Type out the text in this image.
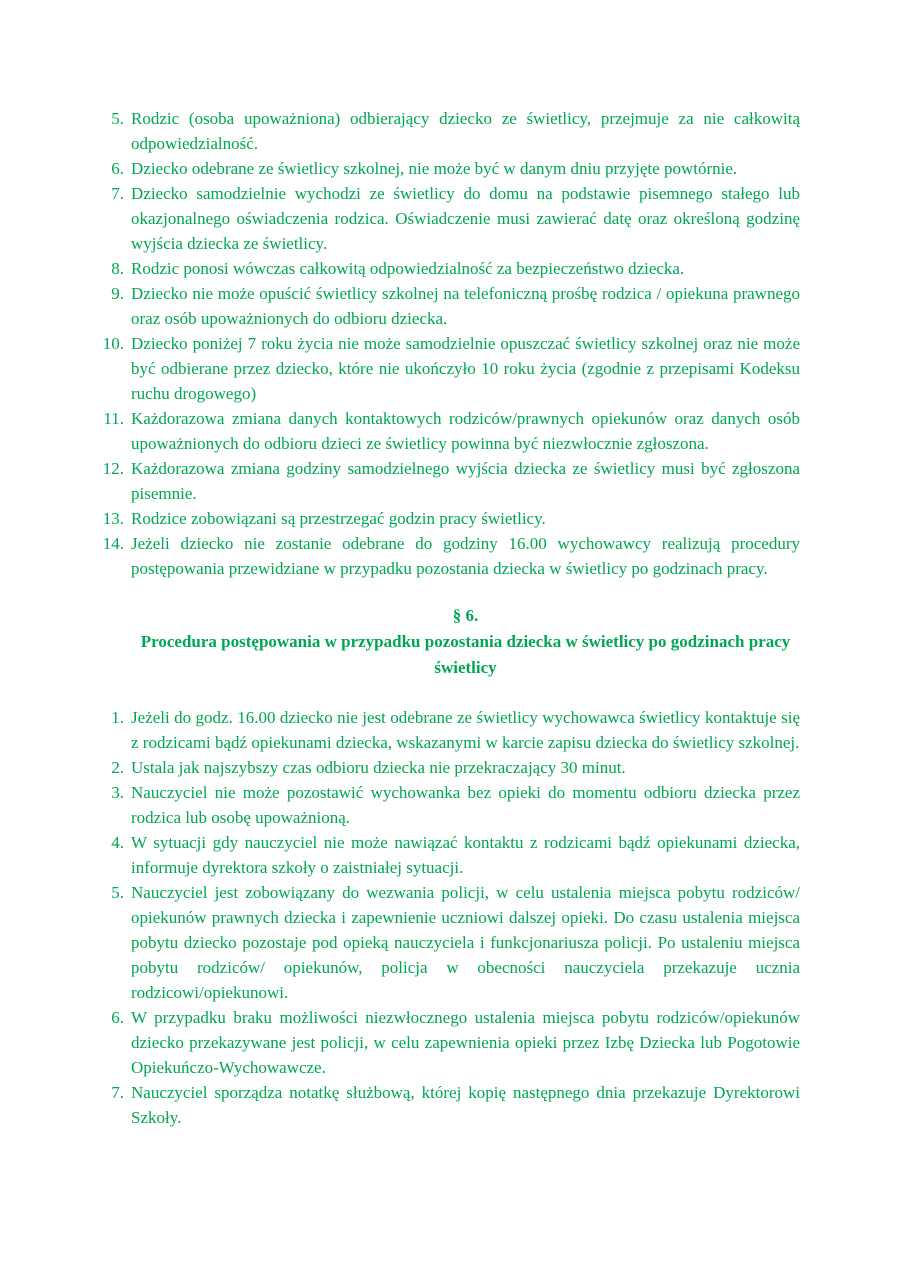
5. Rodzic (osoba upoważniona) odbierający dziecko ze świetlicy, przejmuje za nie całkowitą odpowiedzialność.
6. Dziecko odebrane ze świetlicy szkolnej, nie może być w danym dniu przyjęte powtórnie.
7. Dziecko samodzielnie wychodzi ze świetlicy do domu na podstawie pisemnego stałego lub okazjonalnego oświadczenia rodzica. Oświadczenie musi zawierać datę oraz określoną godzinę wyjścia dziecka ze świetlicy.
8. Rodzic ponosi wówczas całkowitą odpowiedzialność za bezpieczeństwo dziecka.
9. Dziecko nie może opuścić świetlicy szkolnej na telefoniczną prośbę rodzica / opiekuna prawnego oraz osób upoważnionych do odbioru dziecka.
10. Dziecko poniżej 7 roku życia nie może samodzielnie opuszczać świetlicy szkolnej oraz nie może być odbierane przez dziecko, które nie ukończyło 10 roku życia (zgodnie z przepisami Kodeksu ruchu drogowego)
11. Każdorazowa zmiana danych kontaktowych rodziców/prawnych opiekunów oraz danych osób upoważnionych do odbioru dzieci ze świetlicy powinna być niezwłocznie zgłoszona.
12. Każdorazowa zmiana godziny samodzielnego wyjścia dziecka ze świetlicy musi być zgłoszona pisemnie.
13. Rodzice zobowiązani są przestrzegać godzin pracy świetlicy.
14. Jeżeli dziecko nie zostanie odebrane do godziny 16.00 wychowawcy realizują procedury postępowania przewidziane w przypadku pozostania dziecka w świetlicy po godzinach pracy.
§ 6.
Procedura postępowania w przypadku pozostania dziecka w świetlicy po godzinach pracy świetlicy
1. Jeżeli do godz. 16.00 dziecko nie jest odebrane ze świetlicy wychowawca świetlicy kontaktuje się z rodzicami bądź opiekunami dziecka, wskazanymi w karcie zapisu dziecka do świetlicy szkolnej.
2. Ustala jak najszybszy czas odbioru dziecka nie przekraczający 30 minut.
3. Nauczyciel nie może pozostawić wychowanka bez opieki do momentu odbioru dziecka przez rodzica lub osobę upoważnioną.
4. W sytuacji gdy nauczyciel nie może nawiązać kontaktu z rodzicami bądź opiekunami dziecka, informuje dyrektora szkoły o zaistniałej sytuacji.
5. Nauczyciel jest zobowiązany do wezwania policji, w celu ustalenia miejsca pobytu rodziców/ opiekunów prawnych dziecka i zapewnienie uczniowi dalszej opieki. Do czasu ustalenia miejsca pobytu dziecko pozostaje pod opieką nauczyciela i funkcjonariusza policji. Po ustaleniu miejsca pobytu rodziców/ opiekunów, policja w obecności nauczyciela przekazuje ucznia rodzicowi/opiekunowi.
6. W przypadku braku możliwości niezwłocznego ustalenia miejsca pobytu rodziców/opiekunów dziecko przekazywane jest policji, w celu zapewnienia opieki przez Izbę Dziecka lub Pogotowie Opiekuńczo-Wychowawcze.
7. Nauczyciel sporządza notatkę służbową, której kopię następnego dnia przekazuje Dyrektorowi Szkoły.
